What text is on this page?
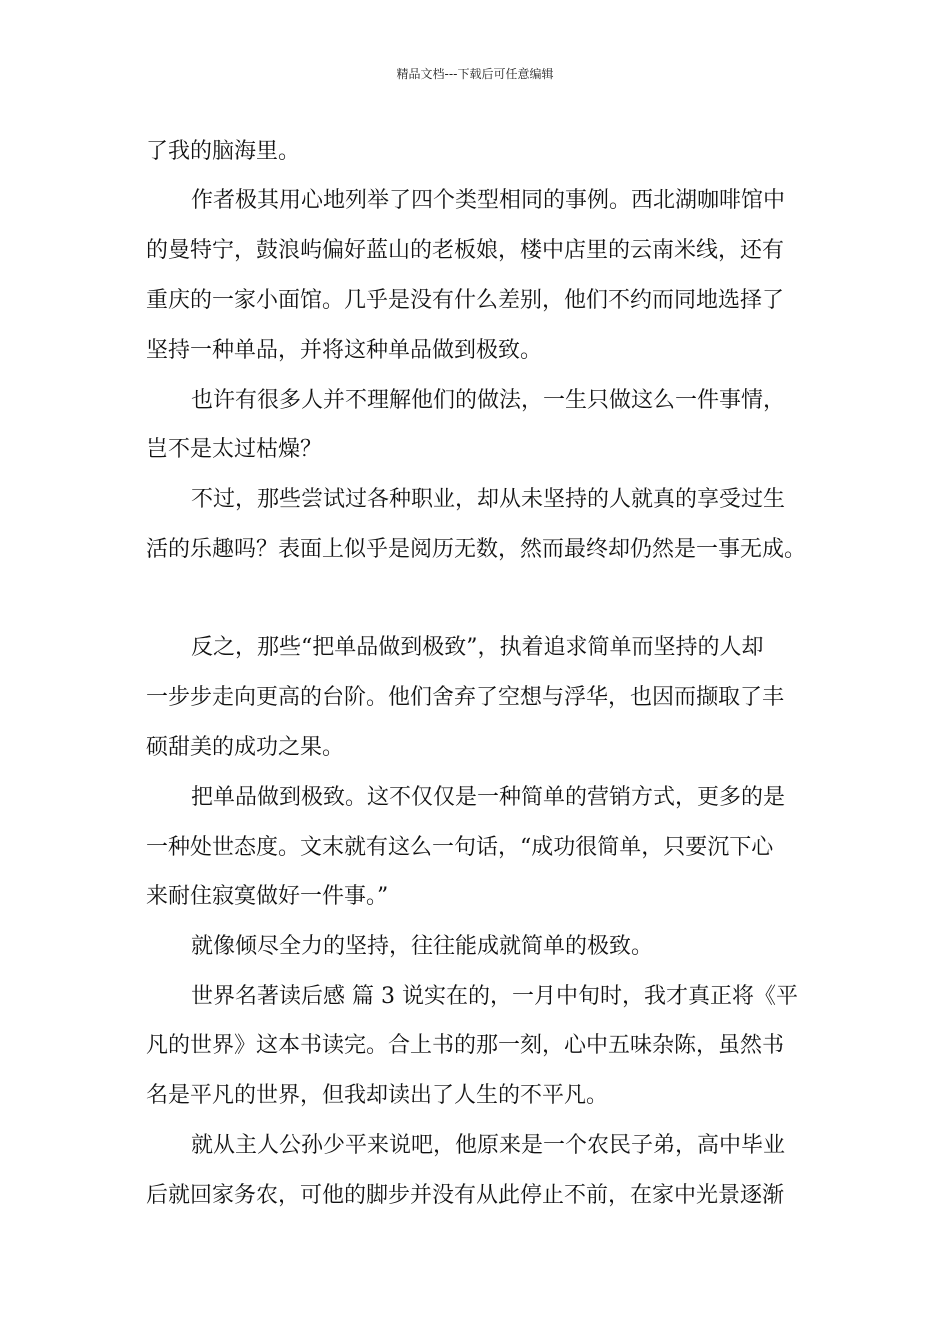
精品文档---下载后可任意编辑

了我的脑海里。

作者极其用心地列举了四个类型相同的事例。西北湖咖啡馆中

的曼特宁，鼓浪屿偏好蓝山的老板娘，楼中店里的云南米线，还有

重庆的一家小面馆。几乎是没有什么差别，他们不约而同地选择了

坚持一种单品，并将这种单品做到极致。

也许有很多人并不理解他们的做法，一生只做这么一件事情，

岂不是太过枯燥？

不过，那些尝试过各种职业，却从未坚持的人就真的享受过生

活的乐趣吗？表面上似乎是阅历无数，然而最终却仍然是一事无成。

反之，那些“把单品做到极致”，执着追求简单而坚持的人却

一步步走向更高的台阶。他们舍弃了空想与浮华，也因而撷取了丰

硕甜美的成功之果。

把单品做到极致。这不仅仅是一种简单的营销方式，更多的是

一种处世态度。文末就有这么一句话，“成功很简单，只要沉下心

来耐住寂寞做好一件事。”

就像倾尽全力的坚持，往往能成就简单的极致。

世界名著读后感 篇 3 说实在的，一月中旬时，我才真正将《平

凡的世界》这本书读完。合上书的那一刻，心中五味杂陈，虽然书

名是平凡的世界，但我却读出了人生的不平凡。

就从主人公孙少平来说吧，他原来是一个农民子弟，高中毕业

后就回家务农，可他的脚步并没有从此停止不前，在家中光景逐渐
